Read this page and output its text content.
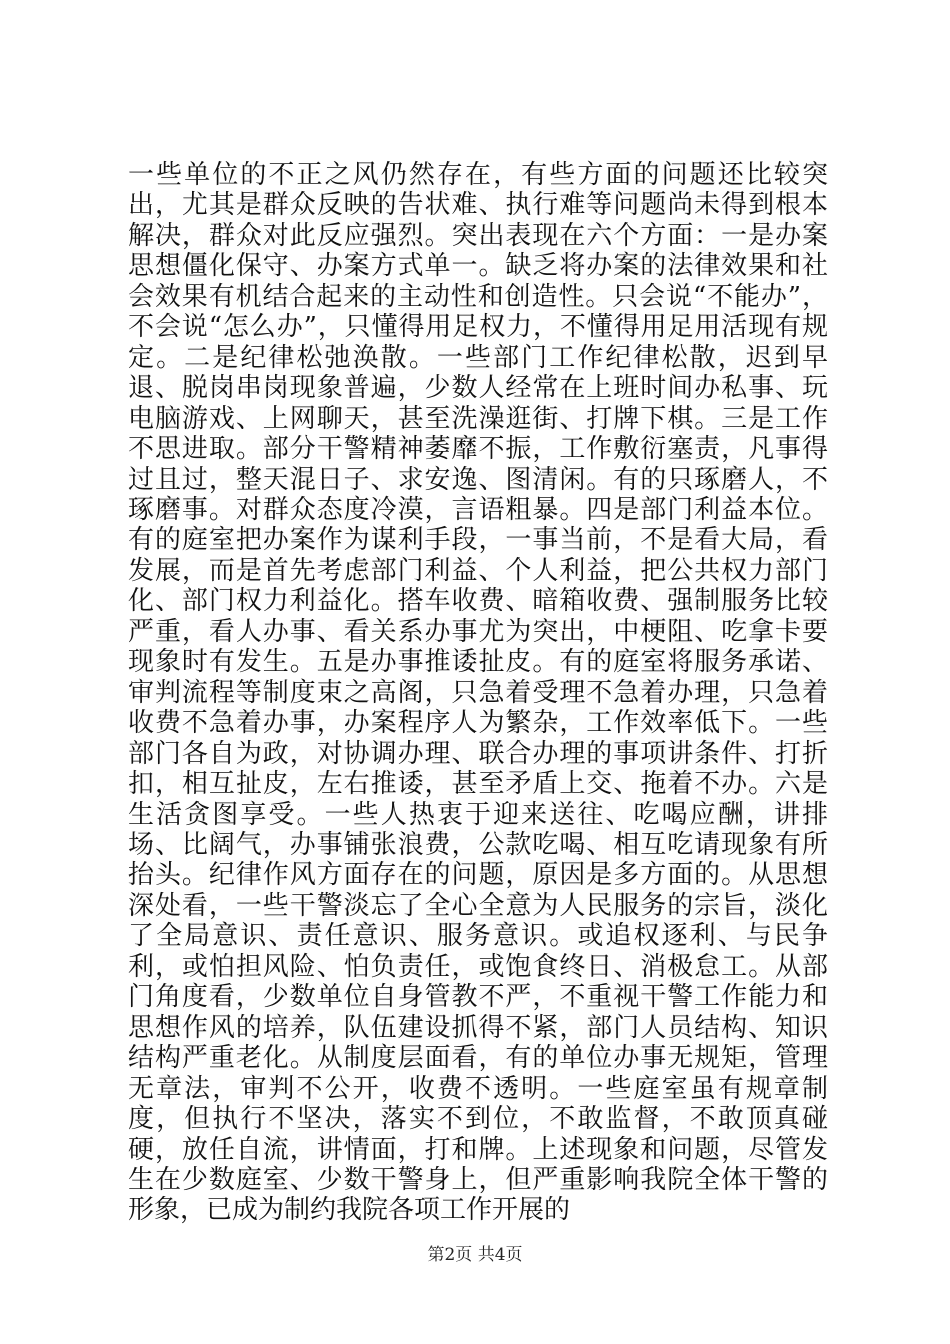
一些单位的不正之风仍然存在，有些方面的问题还比较突出，尤其是群众反映的告状难、执行难等问题尚未得到根本解决，群众对此反应强烈。突出表现在六个方面：一是办案思想僵化保守、办案方式单一。缺乏将办案的法律效果和社会效果有机结合起来的主动性和创造性。只会说“不能办”，不会说“怎么办”，只懂得用足权力，不懂得用足用活现有规定。二是纪律松弛涣散。一些部门工作纪律松散，迟到早退、脱岗串岗现象普遍，少数人经常在上班时间办私事、玩电脑游戏、上网聊天，甚至洗澡逛街、打牌下棋。三是工作不思进取。部分干警精神萎靡不振，工作敷衍塞责，凡事得过且过，整天混日子、求安逸、图清闲。有的只琢磨人，不琢磨事。对群众态度冷漠，言语粗暴。四是部门利益本位。有的庭室把办案作为谋利手段，一事当前，不是看大局，看发展，而是首先考虑部门利益、个人利益，把公共权力部门化、部门权力利益化。搭车收费、暗箱收费、强制服务比较严重，看人办事、看关系办事尤为突出，中梗阻、吃拿卡要现象时有发生。五是办事推诿扯皮。有的庭室将服务承诺、审判流程等制度束之高阁，只急着受理不急着办理，只急着收费不急着办事，办案程序人为繁杂，工作效率低下。一些部门各自为政，对协调办理、联合办理的事项讲条件、打折扣，相互扯皮，左右推诿，甚至矛盾上交、拖着不办。六是生活贪图享受。一些人热衷于迎来送往、吃喝应酬，讲排场、比阔气，办事铺张浪费，公款吃喝、相互吃请现象有所抬头。纪律作风方面存在的问题，原因是多方面的。从思想深处看，一些干警淡忘了全心全意为人民服务的宗旨，淡化了全局意识、责任意识、服务意识。或追权逐利、与民争利，或怕担风险、怕负责任，或饱食终日、消极怠工。从部门角度看，少数单位自身管教不严，不重视干警工作能力和思想作风的培养，队伍建设抓得不紧，部门人员结构、知识结构严重老化。从制度层面看，有的单位办事无规矩，管理无章法，审判不公开，收费不透明。一些庭室虽有规章制度，但执行不坚决，落实不到位，不敢监督，不敢顶真碰硬，放任自流，讲情面，打和牌。上述现象和问题，尽管发生在少数庭室、少数干警身上，但严重影响我院全体干警的形象，已成为制约我院各项工作开展的

第2页 共4页
